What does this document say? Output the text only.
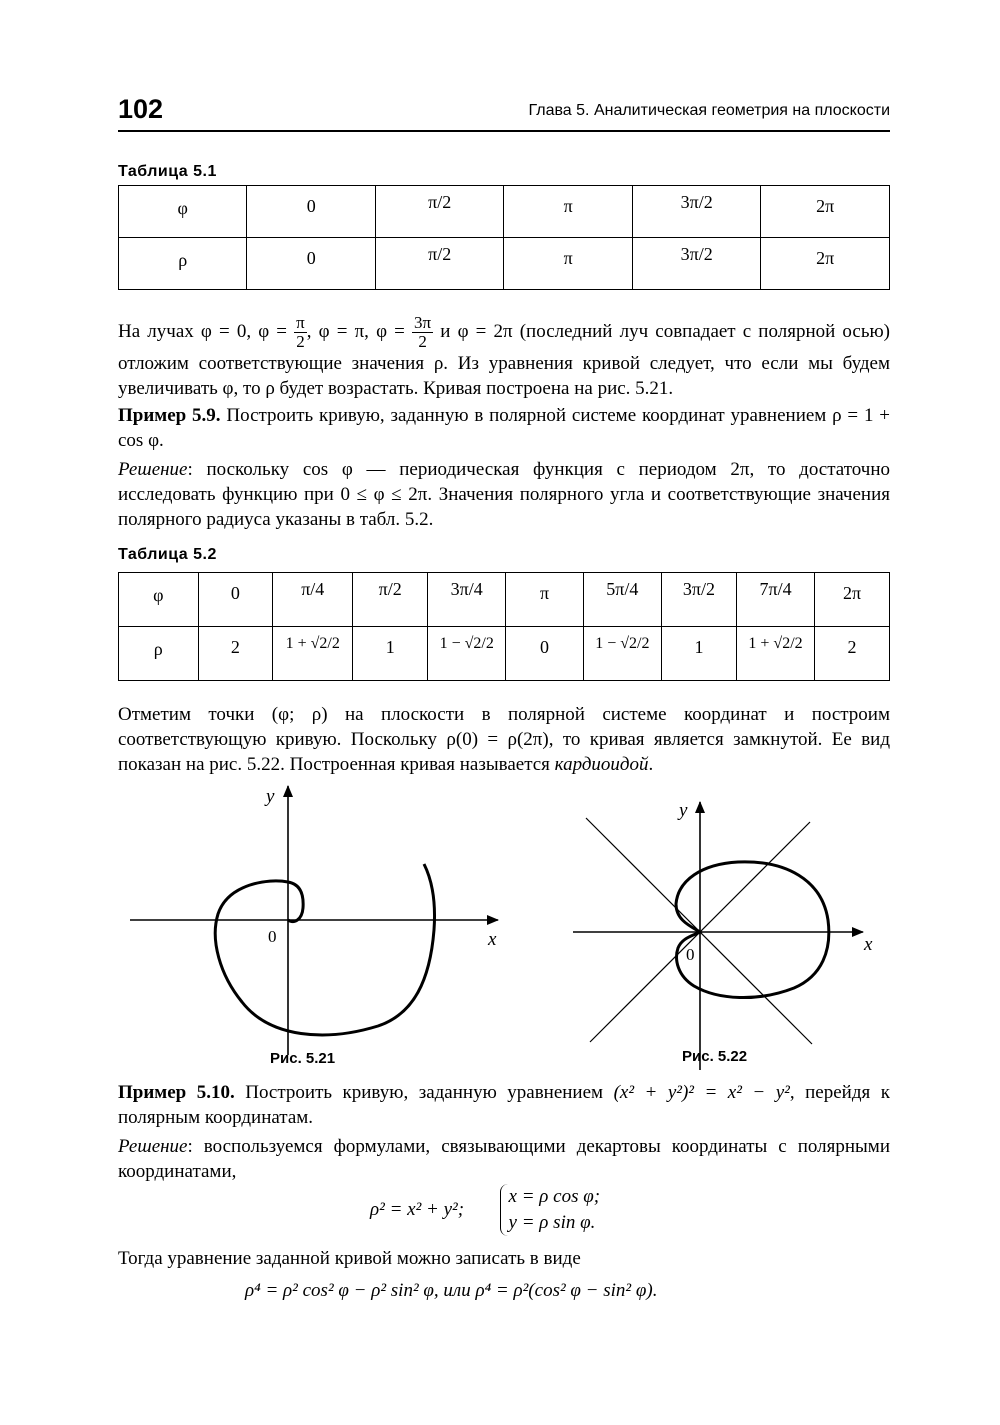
102	Глава 5. Аналитическая геометрия на плоскости
Таблица 5.1
φ	0	π/2	π	3π/2	2π
ρ	0	π/2	π	3π/2	2π

На лучах φ = 0, $\varphi = \frac{\pi}{2}$ , φ = π, $\varphi = \frac{3\pi}{2}$ и φ = 2π (последний луч совпадает с полярной осью) отложим соответствующие значения ρ. Из уравнения кривой следует, что если мы будем увеличивать φ, то ρ будет возрастать. Кривая построена на рис. 5.21.

Пример 5.9. Построить кривую, заданную в полярной системе координат уравнением ρ = 1 + cos φ.

Решение: поскольку cos φ — периодическая функция с периодом 2π, то достаточно исследовать функцию при 0 ≤ φ ≤ 2π. Значения полярного угла и соответствующие значения полярного радиуса указаны в табл. 5.2.

Таблица 5.2
φ	0	π/4	π/2	3π/4	π	5π/4	3π/2	7π/4	2π
ρ	2	1 + √2/2	1	1 − √2/2	0	1 − √2/2	1	1 + √2/2	2

Отметим точки (φ; ρ) на плоскости в полярной системе координат и построим соответствующую кривую. Поскольку ρ(0) = ρ(2π), то кривая является замкнутой. Ее вид показан на рис. 5.22. Построенная кривая называется кардиоидой.

0	x
y
0	x
y
Рис. 5.21	Рис. 5.22

Пример 5.10. Построить кривую, заданную уравнением (x² + y²)² = x² − y², перейдя к полярным координатам.

Решение: воспользуемся формулами, связывающими декартовы координаты с полярными координатами,

ρ² = x² + y²;
x = ρ cos φ;
y = ρ sin φ.

Тогда уравнение заданной кривой можно записать в виде

ρ⁴ = ρ² cos² φ − ρ² sin² φ, или ρ⁴ = ρ²(cos² φ − sin² φ).
